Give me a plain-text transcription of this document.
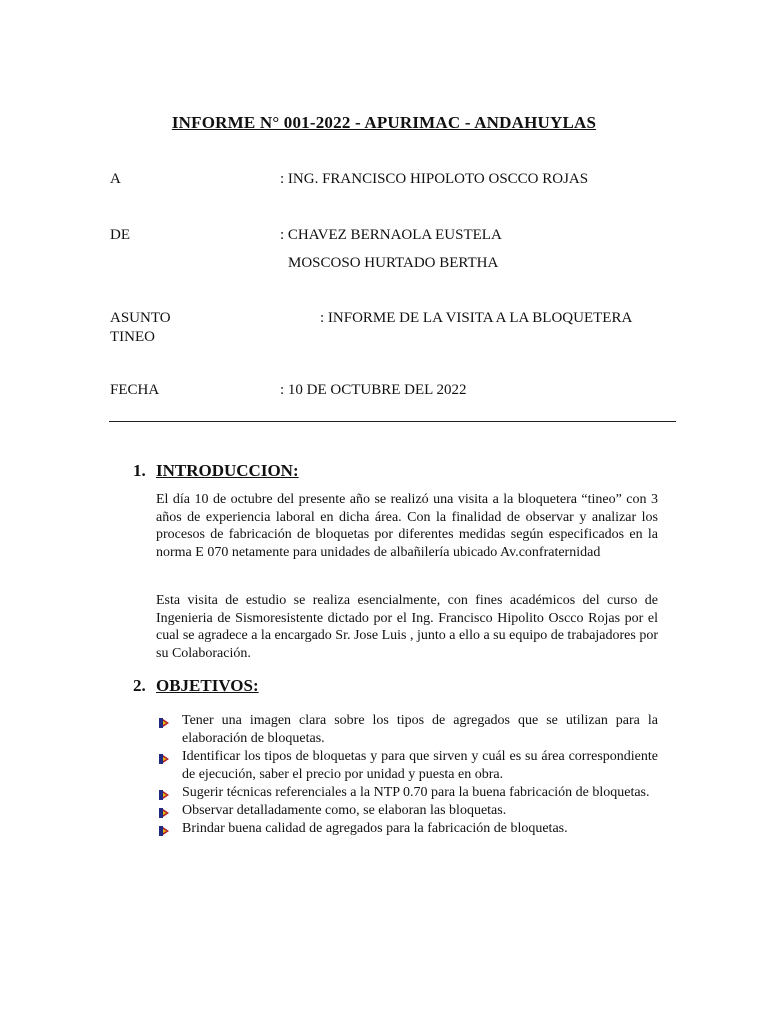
INFORME N° 001-2022 - APURIMAC - ANDAHUYLAS
A	: ING. FRANCISCO HIPOLOTO OSCCO ROJAS
DE	: CHAVEZ BERNAOLA EUSTELA
MOSCOSO HURTADO BERTHA
ASUNTO	: INFORME DE LA VISITA A LA BLOQUETERA
TINEO
FECHA	: 10 DE OCTUBRE DEL 2022
1. INTRODUCCION:
El día 10 de octubre del presente año se realizó una visita a la bloquetera “tineo” con 3 años de experiencia laboral en dicha área. Con la finalidad de observar y analizar los procesos de fabricación de bloquetas por diferentes medidas según especificados en la norma E 070 netamente para unidades de albañilería ubicado Av.confraternidad
Esta visita de estudio se realiza esencialmente, con fines académicos del curso de Ingenieria de Sismoresistente dictado por el Ing. Francisco Hipolito Oscco Rojas por el cual se agradece a la encargado Sr. Jose Luis , junto a ello a su equipo de trabajadores por su Colaboración.
2. OBJETIVOS:
Tener una imagen clara sobre los tipos de agregados que se utilizan para la elaboración de bloquetas.
Identificar los tipos de bloquetas y para que sirven y cuál es su área correspondiente de ejecución, saber el precio por unidad y puesta en obra.
Sugerir técnicas referenciales a la NTP 0.70 para la buena fabricación de bloquetas.
Observar detalladamente como, se elaboran las bloquetas.
Brindar buena calidad de agregados para la fabricación de bloquetas.
